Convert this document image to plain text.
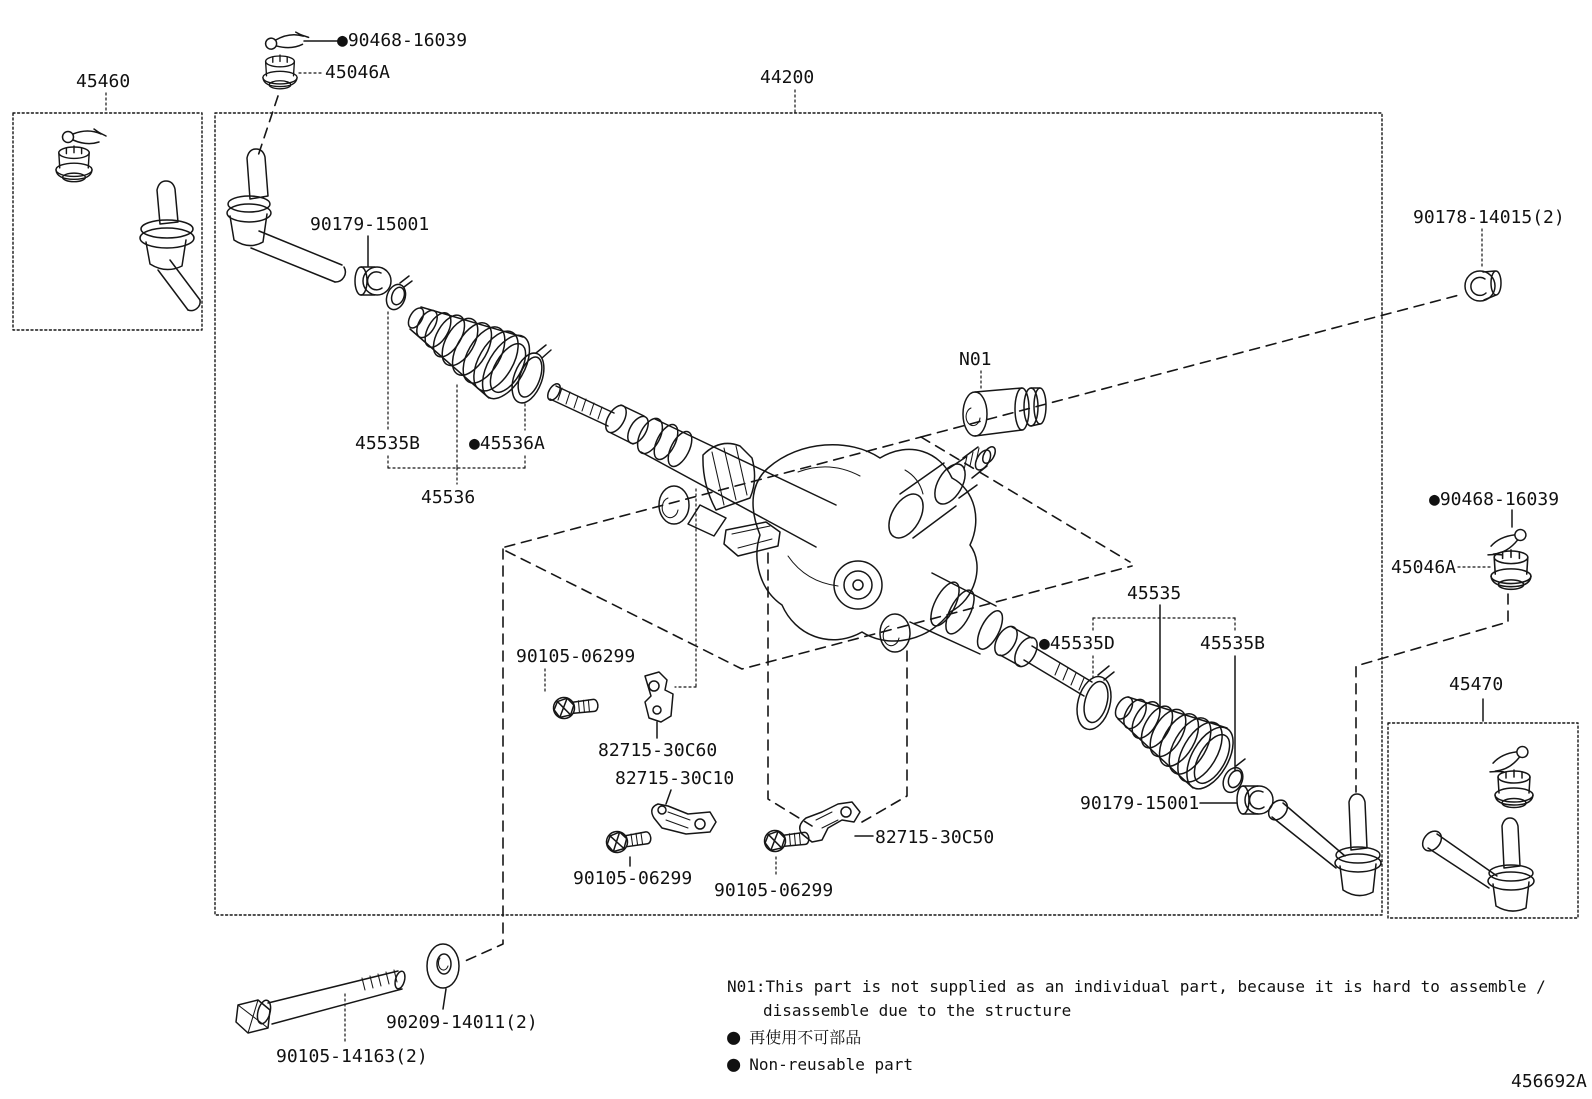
45460
●90468-16039
45046A	44200
90179-15001	90178-14015(2)
N01
45535B	●45536A
45536
45535
●45535D	45535B
●90468-16039
45046A
45470
90179-15001
90105-06299
82715-30C60
82715-30C10
82715-30C50
90105-06299
90105-06299
90209-14011(2)
90105-14163(2)
N01:This part is not supplied as an individual part, because it is hard to assemble /
disassemble due to the structure
● 再使用不可部品
● Non-reusable part
456692A
